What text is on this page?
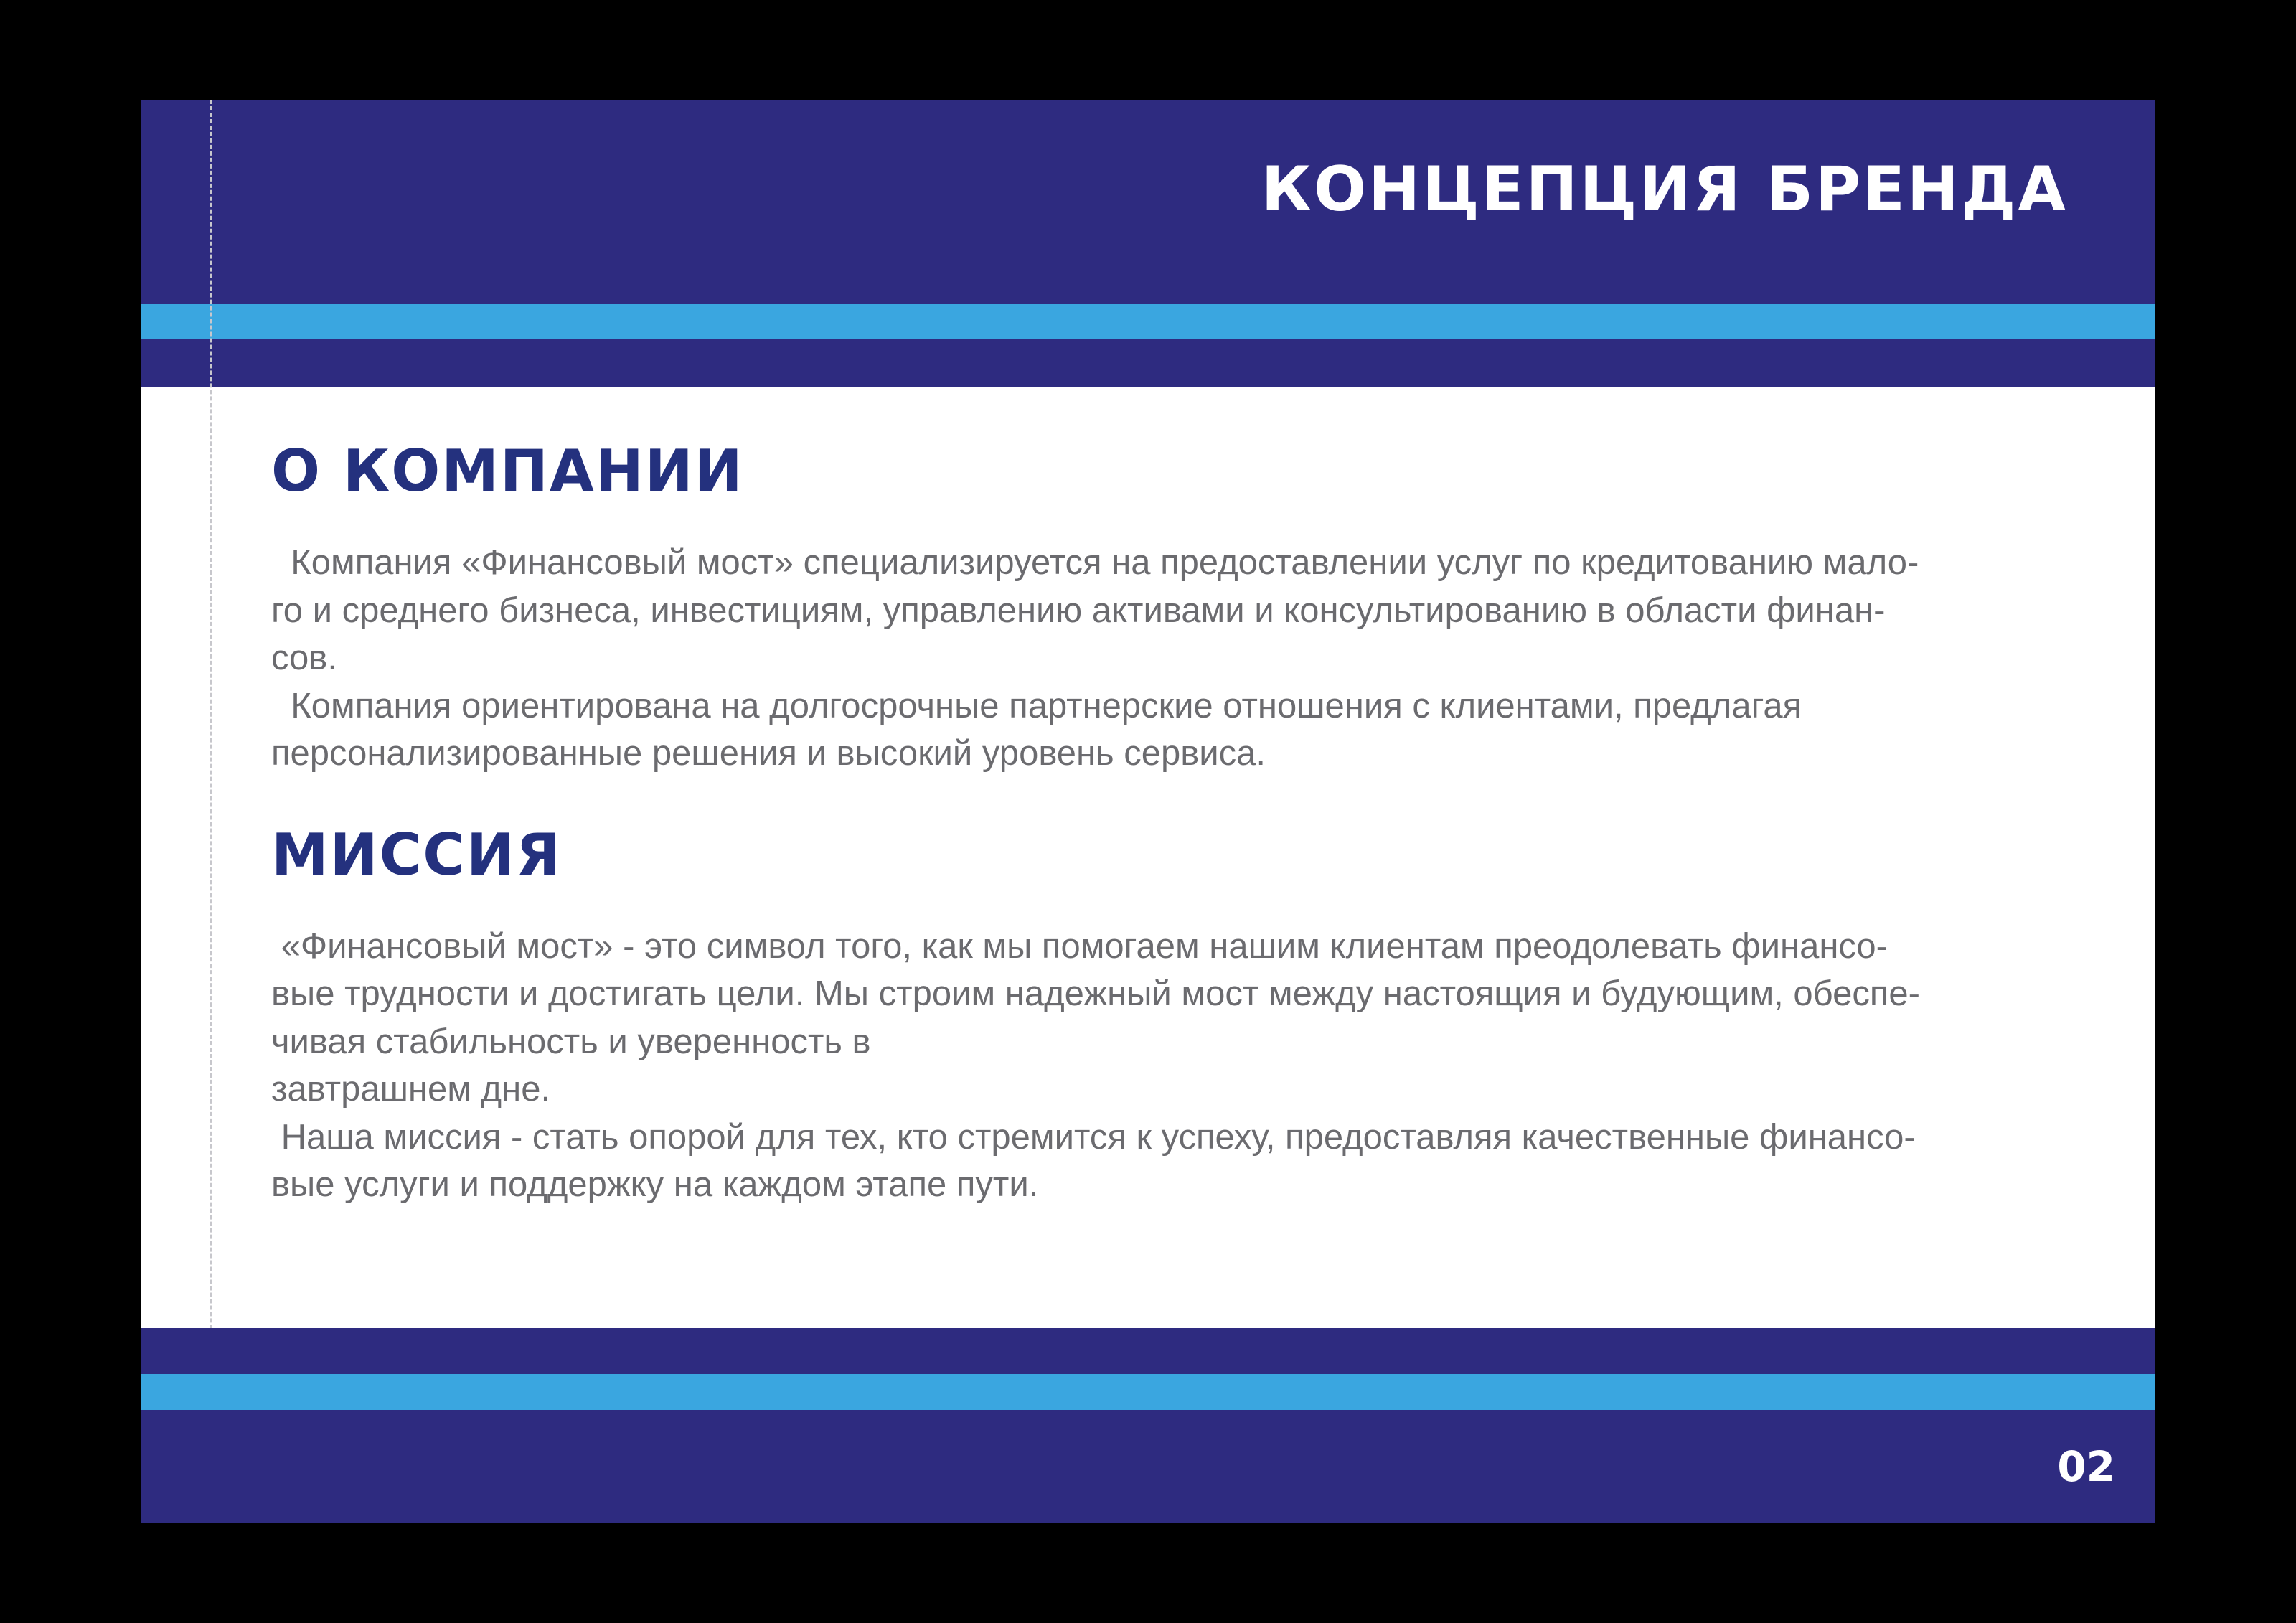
КОНЦЕПЦИЯ БРЕНДА
О КОМПАНИИ

Компания «Финансовый мост» специализируется на предоставлении услуг по кредитованию мало-

го и среднего бизнеса, инвестициям, управлению активами и консультированию в области финан-

сов.

Компания ориентирована на долгосрочные партнерские отношения с клиентами, предлагая

персонализированные решения и высокий уровень сервиса.

МИССИЯ

«Финансовый мост» - это символ того, как мы помогаем нашим клиентам преодолевать финансо-

вые трудности и достигать цели. Мы строим надежный мост между настоящия и будующим, обеспе-

чивая стабильность и уверенность в

завтрашнем дне.

Наша миссия - стать опорой для тех, кто стремится к успеху, предоставляя качественные финансо-

вые услуги и поддержку на каждом этапе пути.

02
